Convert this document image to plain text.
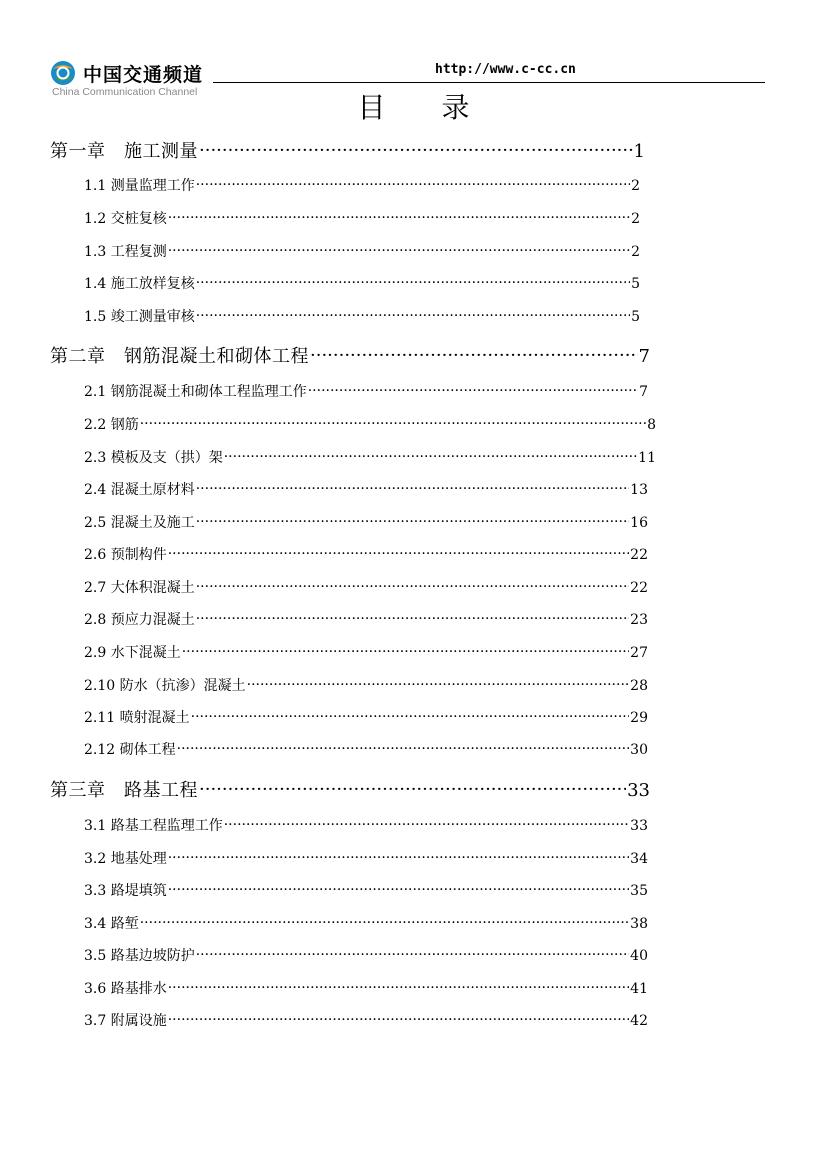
中国交通频道
China Communication Channel
http://www.c-cc.cn
目录
第一章　施工测量 ·····	1
1.1 测量监理工作 ·····	2
1.2 交桩复核 ·····	2
1.3 工程复测 ·····	2
1.4 施工放样复核 ·····	5
1.5 竣工测量审核 ·····	5
第二章　钢筋混凝土和砌体工程 ·····	7
2.1 钢筋混凝土和砌体工程监理工作 ·····	7
2.2 钢筋 ·····	8
2.3 模板及支（拱）架 ·····	11
2.4 混凝土原材料 ·····	13
2.5 混凝土及施工 ·····	16
2.6 预制构件 ·····	22
2.7 大体积混凝土 ·····	22
2.8 预应力混凝土 ·····	23
2.9 水下混凝土 ·····	27
2.10 防水（抗渗）混凝土 ·····	28
2.11 喷射混凝土 ·····	29
2.12 砌体工程 ·····	30
第三章　路基工程 ·····	33
3.1 路基工程监理工作 ·····	33
3.2 地基处理 ·····	34
3.3 路堤填筑 ·····	35
3.4 路堑 ·····	38
3.5 路基边坡防护 ·····	40
3.6 路基排水 ·····	41
3.7 附属设施 ·····	42
